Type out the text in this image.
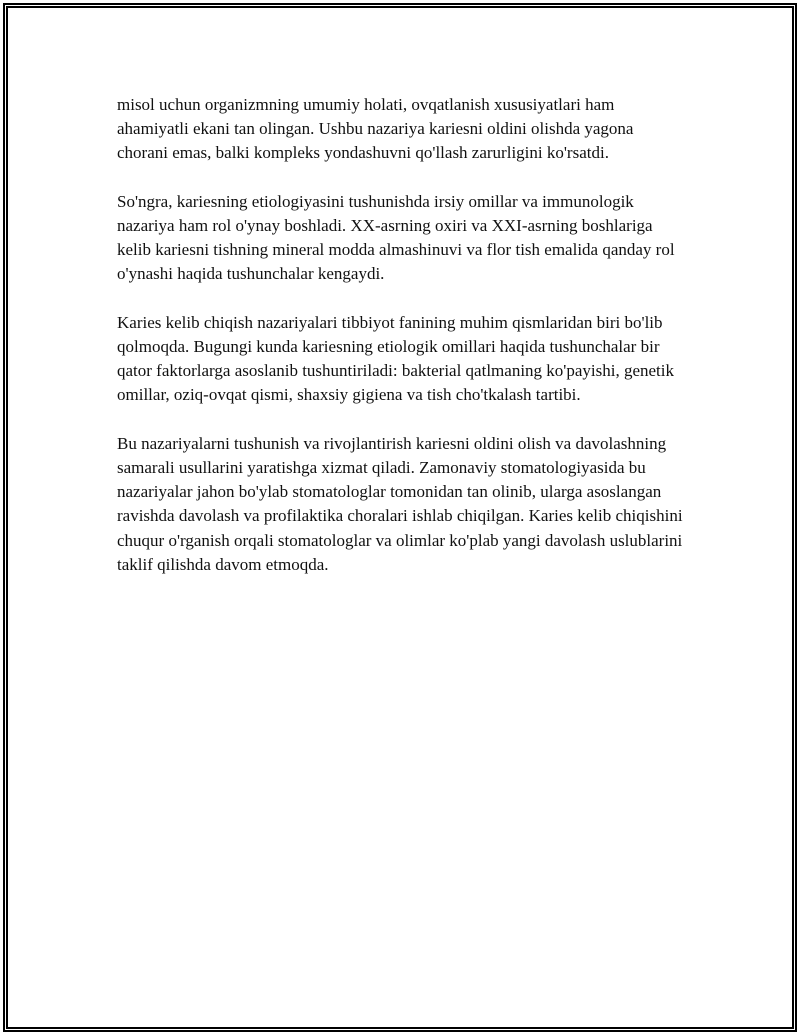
misol uchun organizmning umumiy holati, ovqatlanish xususiyatlari ham ahamiyatli ekani tan olingan. Ushbu nazariya kariesni oldini olishda yagona chorani emas, balki kompleks yondashuvni qo'llash zarurligini ko'rsatdi.

So'ngra, kariesning etiologiyasini tushunishda irsiy omillar va immunologik nazariya ham rol o'ynay boshladi. XX-asrning oxiri va XXI-asrning boshlariga kelib kariesni tishning mineral modda almashinuvi va flor tish emalida qanday rol o'ynashi haqida tushunchalar kengaydi.

Karies kelib chiqish nazariyalari tibbiyot fanining muhim qismlaridan biri bo'lib qolmoqda. Bugungi kunda kariesning etiologik omillari haqida tushunchalar bir qator faktorlarga asoslanib tushuntiriladi: bakterial qatlmaning ko'payishi, genetik omillar, oziq-ovqat qismi, shaxsiy gigiena va tish cho'tkalash tartibi.

Bu nazariyalarni tushunish va rivojlantirish kariesni oldini olish va davolashning samarali usullarini yaratishga xizmat qiladi. Zamonaviy stomatologiyasida bu nazariyalar jahon bo'ylab stomatologlar tomonidan tan olinib, ularga asoslangan ravishda davolash va profilaktika choralari ishlab chiqilgan. Karies kelib chiqishini chuqur o'rganish orqali stomatologlar va olimlar ko'plab yangi davolash uslublarini taklif qilishda davom etmoqda.
